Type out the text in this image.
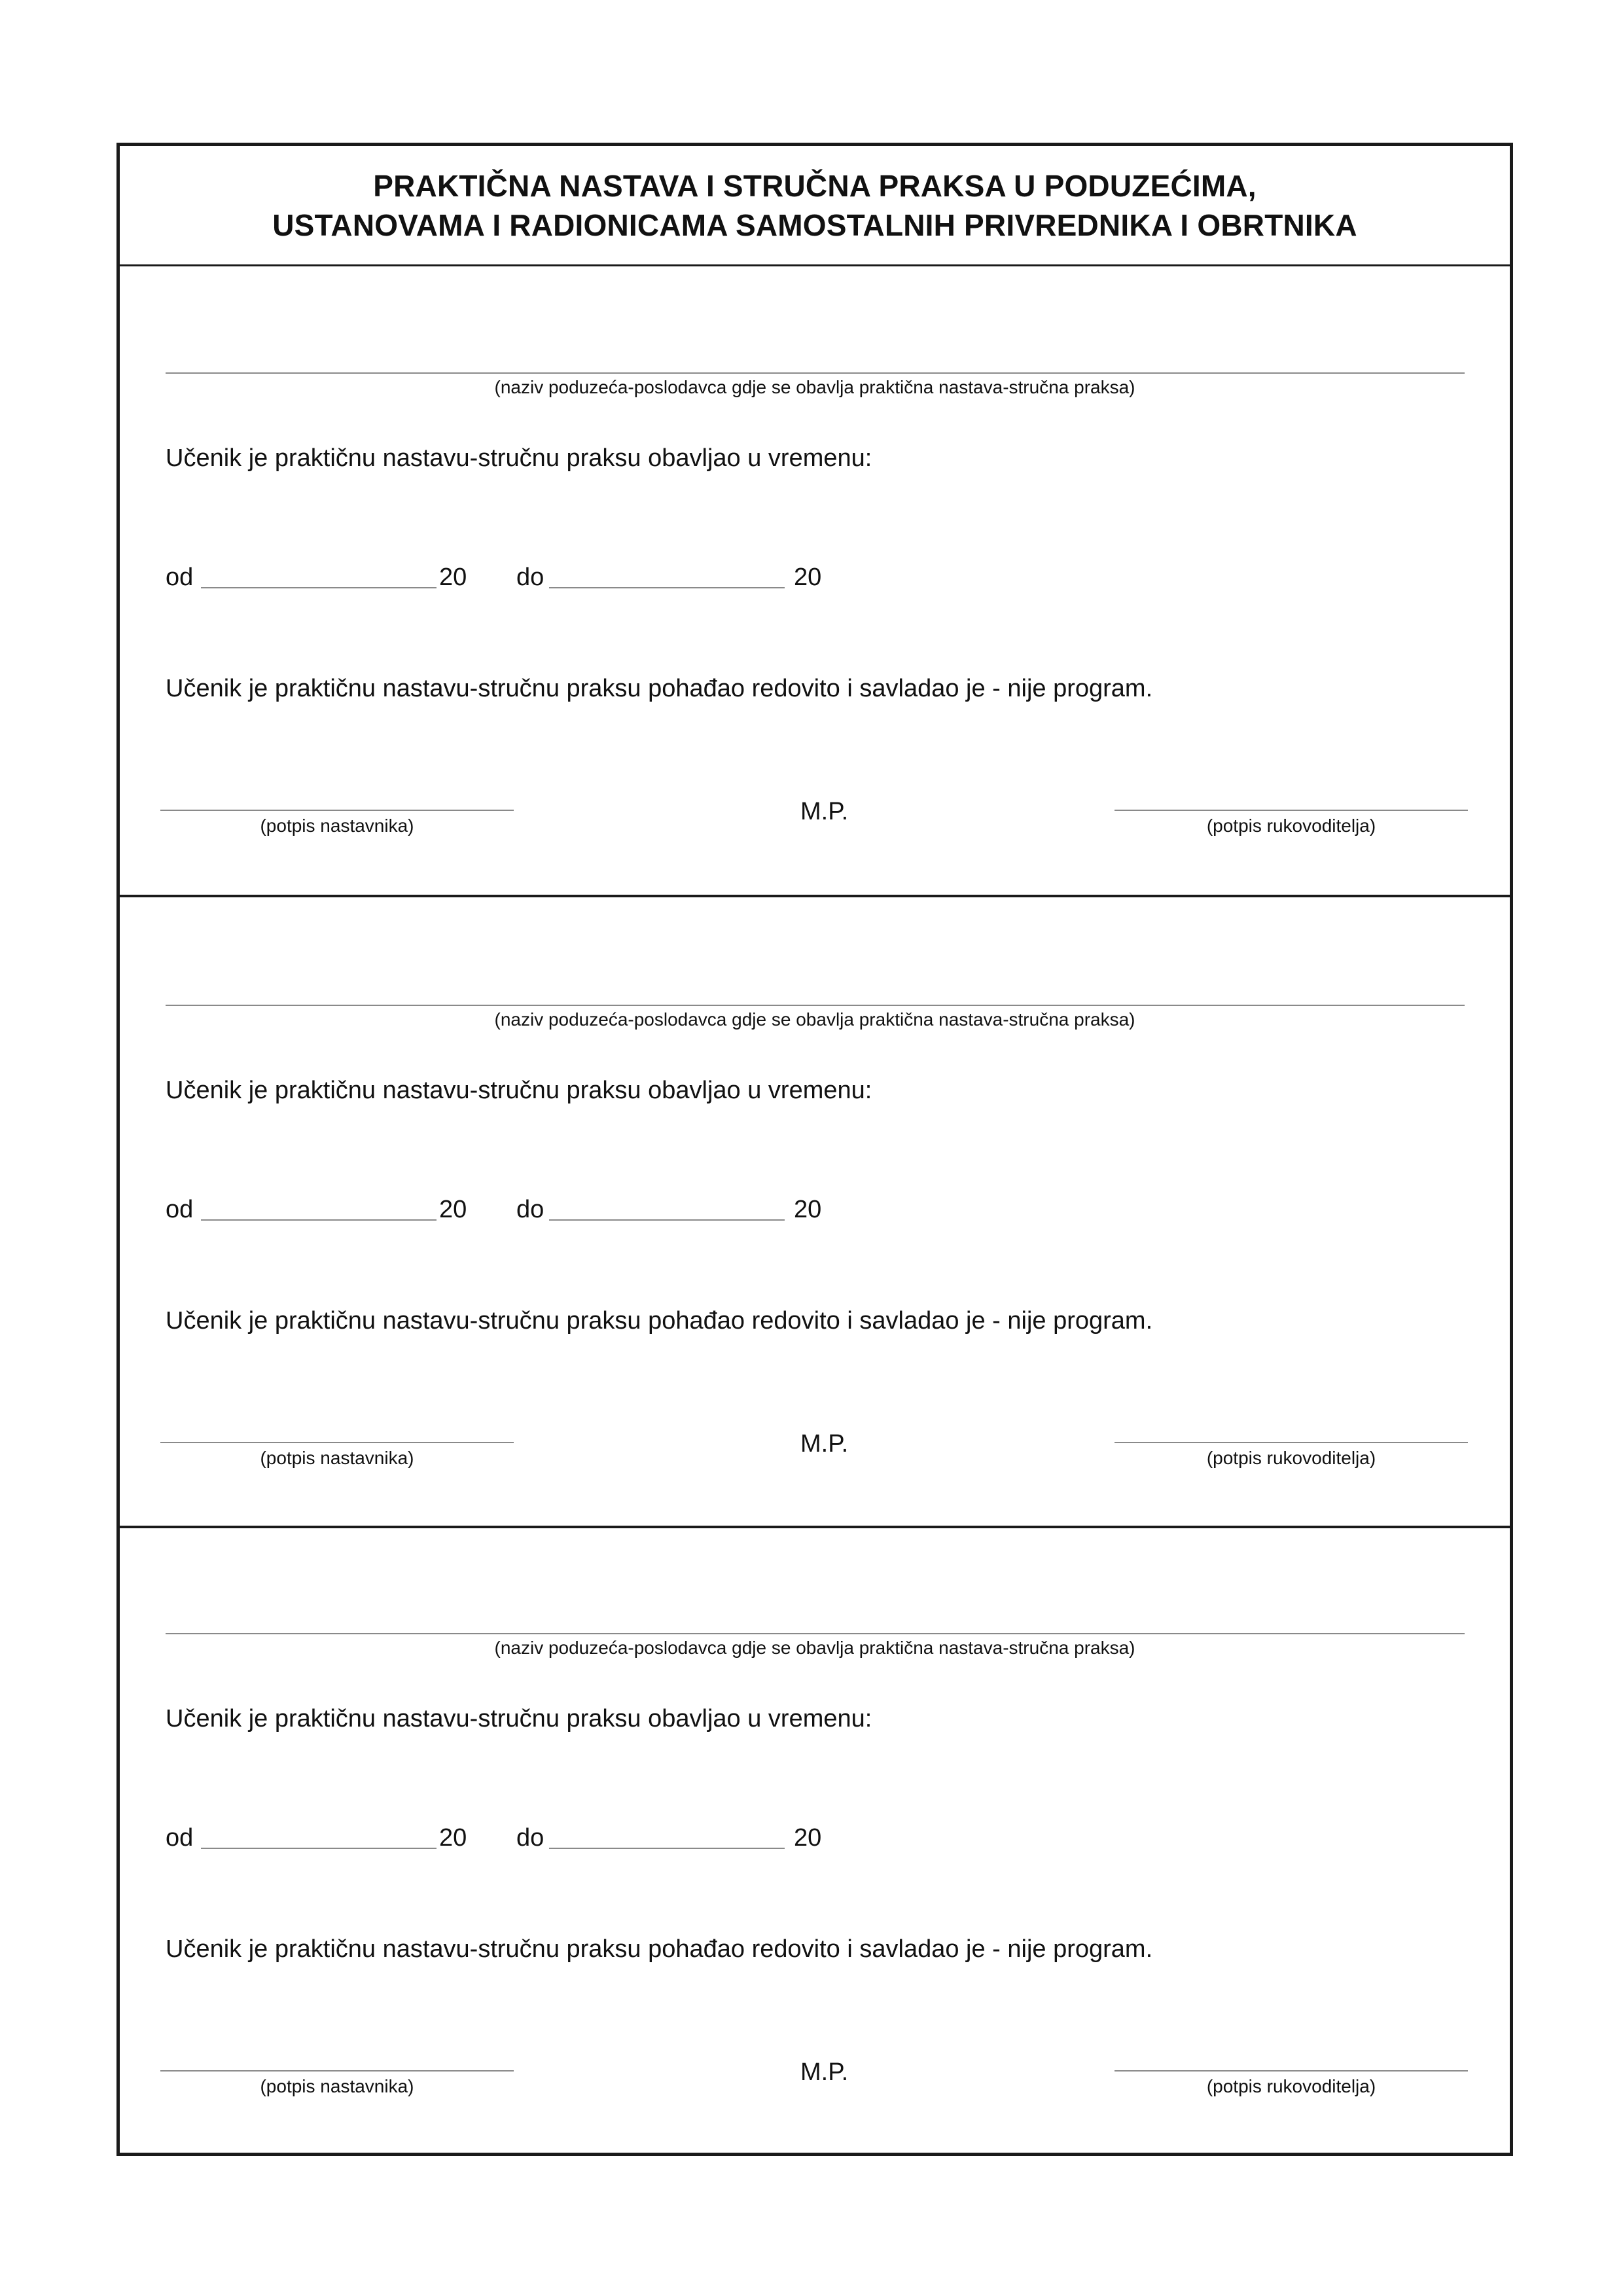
PRAKTIČNA NASTAVA I STRUČNA PRAKSA U PODUZEĆIMA,
USTANOVAMA I RADIONICAMA SAMOSTALNIH PRIVREDNIKA I OBRTNIKA
(naziv poduzeća-poslodavca gdje se obavlja praktična nastava-stručna praksa)
Učenik je praktičnu nastavu-stručnu praksu obavljao u vremenu:
od	20 do	20
Učenik je praktičnu nastavu-stručnu praksu pohađao redovito i savladao je - nije program.
(potpis nastavnika)
M.P.
(potpis rukovoditelja)
(naziv poduzeća-poslodavca gdje se obavlja praktična nastava-stručna praksa)
Učenik je praktičnu nastavu-stručnu praksu obavljao u vremenu:
od	20 do	20
Učenik je praktičnu nastavu-stručnu praksu pohađao redovito i savladao je - nije program.
(potpis nastavnika)
M.P.
(potpis rukovoditelja)
(naziv poduzeća-poslodavca gdje se obavlja praktična nastava-stručna praksa)
Učenik je praktičnu nastavu-stručnu praksu obavljao u vremenu:
od	20 do	20
Učenik je praktičnu nastavu-stručnu praksu pohađao redovito i savladao je - nije program.
(potpis nastavnika)
M.P.
(potpis rukovoditelja)
